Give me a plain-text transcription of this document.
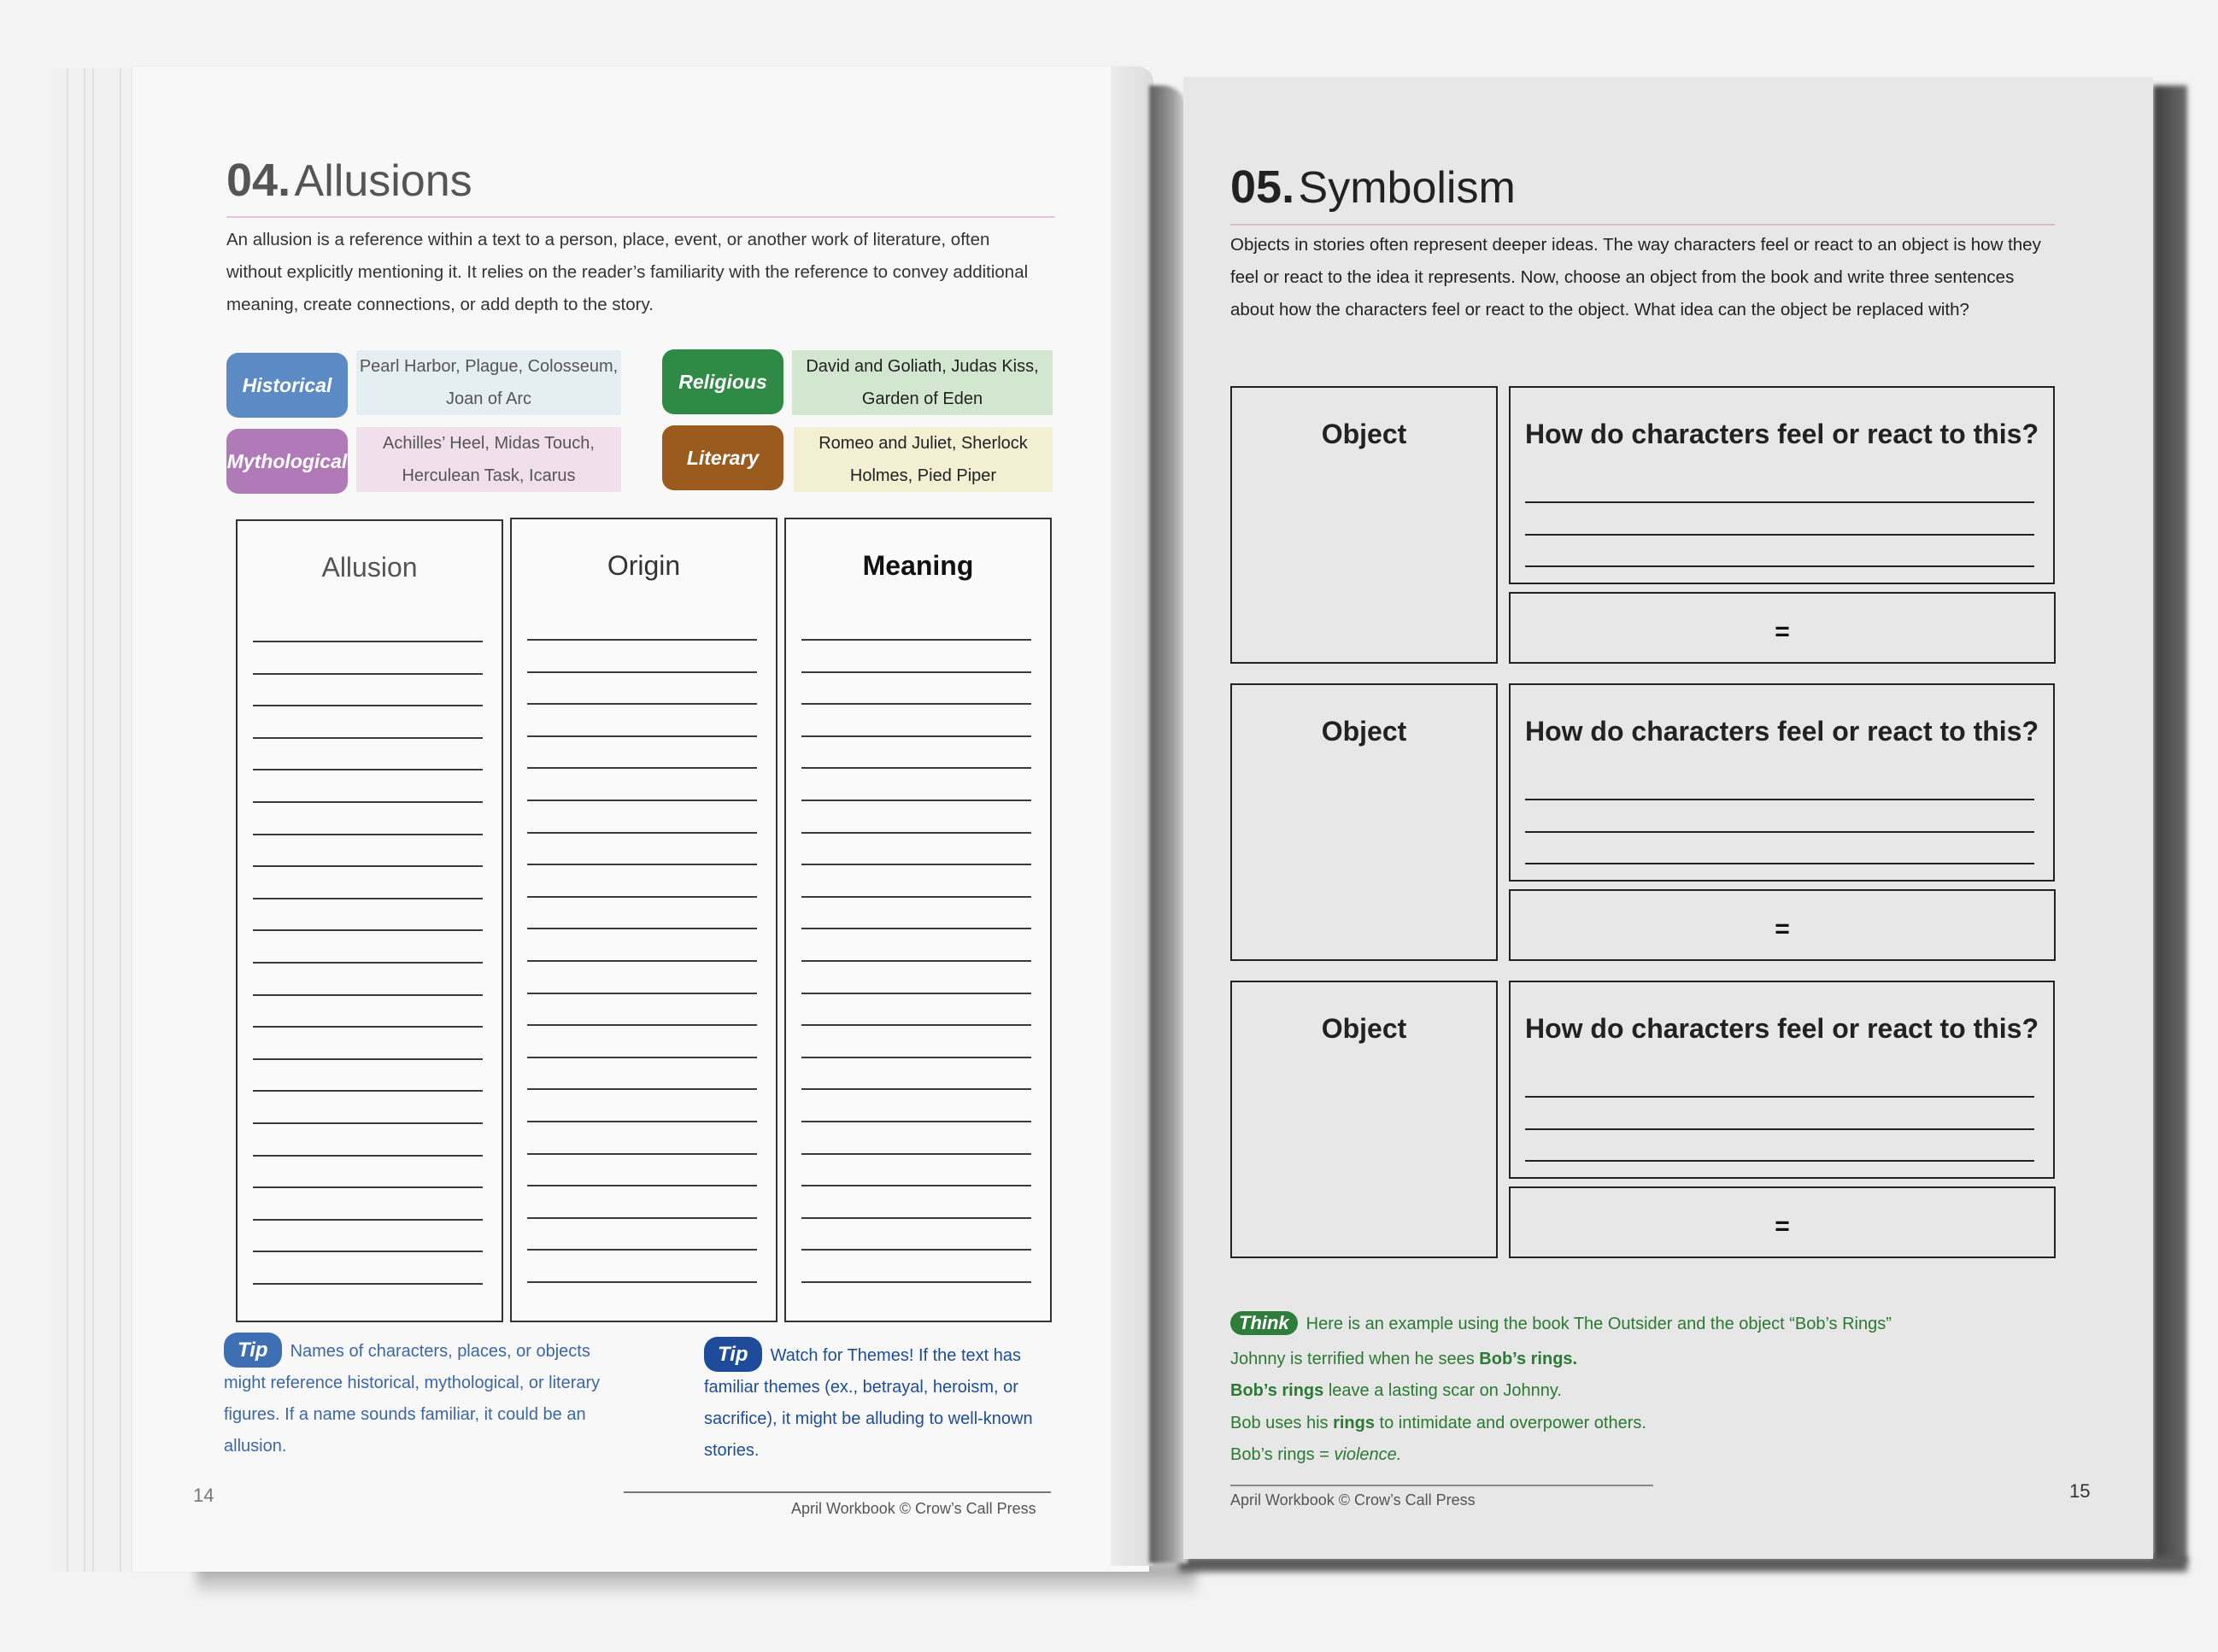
04. Allusions
An allusion is a reference within a text to a person, place, event, or another work of literature, often
without explicitly mentioning it. It relies on the reader’s familiarity with the reference to convey additional
meaning, create connections, or add depth to the story.
Historical
Pearl Harbor, Plague, Colosseum,
Joan of Arc
Mythological
Achilles’ Heel, Midas Touch,
Herculean Task, Icarus
Religious
David and Goliath, Judas Kiss,
Garden of Eden
Literary
Romeo and Juliet, Sherlock
Holmes, Pied Piper
Allusion	Origin	Meaning
Tip Names of characters, places, or objects
might reference historical, mythological, or literary
figures. If a name sounds familiar, it could be an
allusion.
Tip Watch for Themes! If the text has
familiar themes (ex., betrayal, heroism, or
sacrifice), it might be alluding to well-known
stories.
April Workbook © Crow’s Call Press
14
05. Symbolism
Objects in stories often represent deeper ideas. The way characters feel or react to an object is how they
feel or react to the idea it represents. Now, choose an object from the book and write three sentences
about how the characters feel or react to the object. What idea can the object be replaced with?
Object	How do characters feel or react to this?
=
Object	How do characters feel or react to this?
=
Object	How do characters feel or react to this?
=
Think Here is an example using the book The Outsider and the object “Bob’s Rings”
Johnny is terrified when he sees Bob’s rings.
Bob’s rings leave a lasting scar on Johnny.
Bob uses his rings to intimidate and overpower others.
Bob’s rings = violence.
April Workbook © Crow’s Call Press	15
